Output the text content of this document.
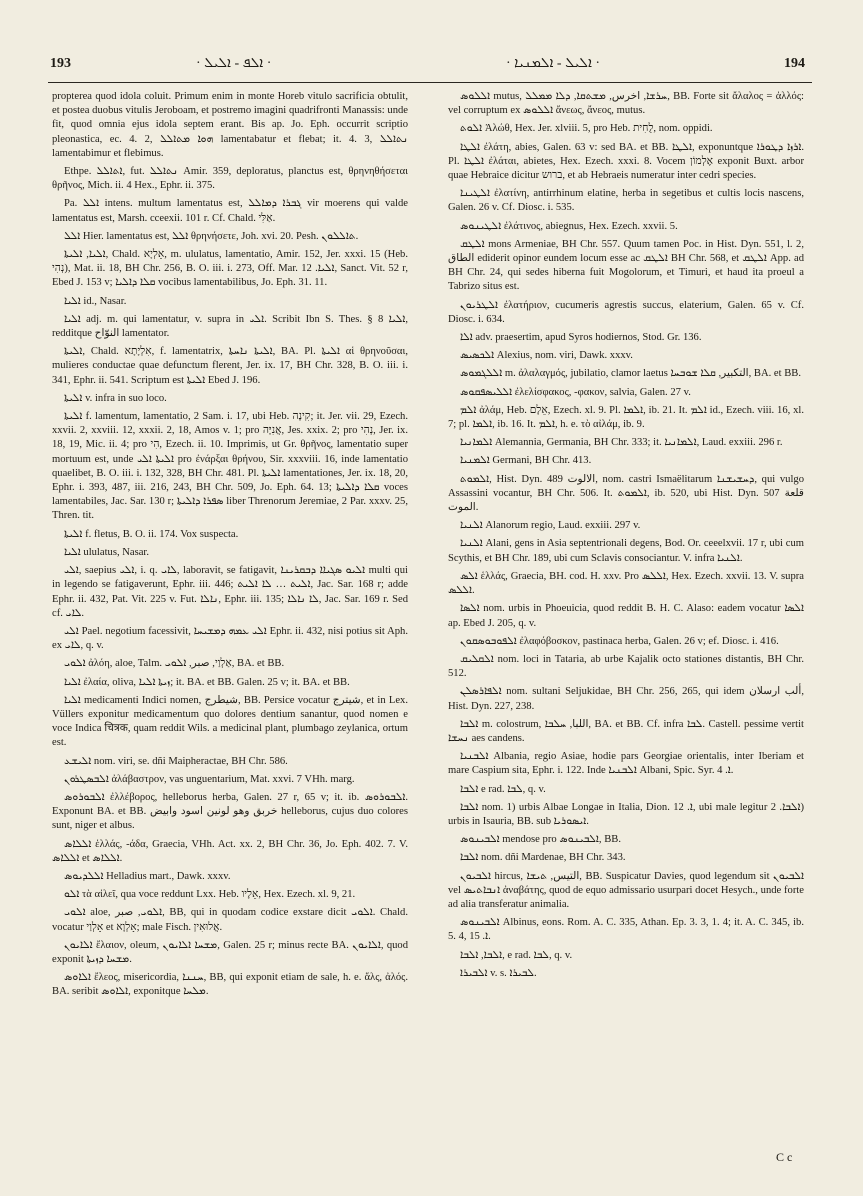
193	· ܐܠܦ - ܐܠܝܠ ·	· ܐܠܝܠ - ܐܠܡܢܝܐ ·	194

propterea quod idola coluit. Primum enim in monte Horeb vitulo sacrificia obtulit, et postea duobus vitulis Jeroboam, et postremo imagini quadrifronti Manassis: unde fit, quod omnia ejus idola septem erant. Bis ap. Jo. Eph. occurrit scriptio pleonastica, ec. 4. 2, ܗܘܐ ܡܬܐܠܠ lamentabatur et flebat; it. 4. 3, ܢܬܐܠܠ lamentabimur et flebimus.

Ethpe. ܐܬܐܠܠ, fut. ܢܬܐܠܠ Amir. 359, deploratus, planctus est, θρηνηθήσεται θρῆνος, Mich. ii. 4 Hex., Ephr. ii. 375.

Pa. ܐܠܠ intens. multum lamentatus est, ܓܒܪܐ ܕܡܐܠܠ vir moerens qui valde lamentatus est, Marsh. cceexii. 101 r. Cf. Chald. אַלִּי.

ܐܠܠ Hier. lamentatus est, ܐܠܠ θρηνήσετε, Joh. xvi. 20. Pesh. ܬܐܠܠܘܢ.

ܐܠܝܐ, ܐܠܝܬܐ, Chald. אֵלְיָא, m. ululatus, lamentatio, Amir. 152, Jer. xxxi. 15 (Heb. נְהִי), Mat. ii. 18, BH Chr. 256, B. O. iii. i. 273, Off. Mar. ܐܠܝܐ. 12, Sanct. Vit. 52 r, Ebed J. 153 v; ܩܠܐ ܕܐܠܝܐ vocibus lamentabilibus, Jo. Eph. 31. 11.

ܐܠܝܐ id., Nasar.

ܐܠܝܐ adj. m. qui lamentatur, v. supra in ܐܠܝ. Scribit Ibn S. Thes. § 8 ܐܠܝܐ, redditque النوّاح lamentator.

ܐܠܝܬܐ, Chald. אִלְיָתָא, f. lamentatrix, ܐܠܝܬܐ ܢܐܚܬܐ, BA. Pl. ܐܠܝܬܐ αἱ θρηνοῦσαι, mulieres conductae quae defunctum flerent, Jer. ix. 17, BH Chr. 328, B. O. iii. i. 341, Ephr. ii. 541. Scriptum est ܐܠܝܬܐ Ebed J. 196.

ܐܠܝܬܐ v. infra in suo loco.

ܐܠܝܬܐ f. lamentum, lamentatio, 2 Sam. i. 17, ubi Heb. קִינָה; it. Jer. vii. 29, Ezech. xxvii. 2, xxviii. 12, xxxii. 2, 18, Amos v. 1; pro אֲנִיָּה, Jes. xxix. 2; pro נְהִי, Jer. ix. 18, 19, Mic. ii. 4; pro הִי, Ezech. ii. 10. Imprimis, ut Gr. θρῆνος, lamentatio super mortuum est, unde ܐܠܝܬܐ ܐܠܝ pro ἐνάρξαι θρήνου, Sir. xxxviii. 16, inde lamentatio quaelibet, B. O. iii. i. 132, 328, BH Chr. 481. Pl. ܐܠܝܬܐ lamentationes, Jer. ix. 18, 20, Ephr. i. 393, 487, iii. 216, 243, BH Chr. 509, Jo. Eph. 64. 13; ܩܠܐ ܕܐܠܝܬܐ voces lamentabiles, Jac. Sar. 130 r; ܣܦܪܐ ܕܐܠܝܬܐ liber Threnorum Jeremiae, 2 Par. xxxv. 25, Thren. tit.

ܐܠܝܬܐ f. fletus, B. O. ii. 174. Vox suspecta.

ܐܠܝܐ ululatus, Nasar.

ܐܠܝ, saepius ܐܠܝ, i. q. ܠܐܝ, laboravit, se fatigavit, ܐܠܝܘ ܣܓܝܐܐ ܕܒܩܪܝܢܐ multi qui in legendo se fatigaverunt, Ephr. iii. 446; ܐܠܝܬ … ܠܐ ܐܠܝܬ, Jac. Sar. 168 r; adde Ephr. ii. 432, Pat. Vit. 225 v. Fut. ܢܐܠܐ, Ephr. iii. 135; ܠܐ ܢܐܠܐ, Jac. Sar. 169 r. Sed cf. ܠܐܝ.

ܐܠܝ Pael. negotium facessivit, ܐܠܝ ܥܡܗ ܕܡܫܝܚܐ Ephr. ii. 432, nisi potius sit Aph. ex ܠܐܝ, q. v.

ܐܠܘܝ ἀλόη, aloe, Talm. אַלְוַי, صبر, ܐܠܘܝ, BA. et BB.

ܐܠܝܐ ἐλαία, oliva, ܙܝܬܐ ܐܠܝܐ; it. BA. et BB. Galen. 25 v; it. BA. et BB.

ܐܠܝܐ medicamenti Indici nomen, شيطرج, BB. Persice vocatur شيترج, et in Lex. Vüllers exponitur medicamentum quo dolores dentium sanantur, quod nomen e voce Indica चित्रक, quam reddit Wils. a medicinal plant, plumbago zeylanica, ortum est.

ܐܠܝܫܥ nom. viri, se. dñi Maipheractae, BH Chr. 586.

ܐܠܒܣܛܪܘܢ ἀλάβαστρον, vas unguentarium, Mat. xxvi. 7 VHh. marg.

ܐܠܒܘܪܘܣ ἐλλέβορος, helleborus herba, Galen. 27 r, 65 v; it. ib. ܐܠܒܘܪܘܣ. Exponunt BA. et BB. خربق وهو لونين اسود وابيض helleborus, cujus duo colores sunt, niger et albus.

ܐܠܠܐܣ ἑλλάς, -άδα, Graecia, VHh. Act. xx. 2, BH Chr. 36, Jo. Eph. 402. 7. V. ܐܠܠܐܣ et ܐܠܠܐܣ.

ܐܠܠܕܝܘܣ Helladius mart., Dawk. xxxv.

ܐܠܘ τὰ αἰλεῖ, qua voce reddunt Lxx. Heb. אֵלָיו, Hex. Ezech. xl. 9, 21.

ܐܠܘܝ aloe, ܐܠܘܝ, صبر, BB, qui in quodam codice exstare dicit ܐܠܘܝ. Chald. vocatur אָלְוַי et אָלְוָא; male Fisch. אֲלוּאִין.

ܐܠܐܝܘܢ ἔλαιον, oleum, ܡܫܚܐ ܐܠܐܝܘܢ, Galen. 25 r; minus recte BA. ܐܠܐܝܘܢ, quod exponit ܡܫܚܐ ܕܙܝܬܐ.

ܐܠܐܘܣ ἔλεος, misericordia, ܚܢܢܐ, BB, qui exponit etiam de sale, h. e. ἅλς, ἀλός. BA. seribit ܐܠܐܘܣ, exponitque ܡܠܚܐ.

ܐܠܠܘܣ mutus, ܚܪܫܐ, اخرس, ܡܫܬܩܐ, ܕܠܐ ܡܡܠܠ, BB. Forte sit ἄλαλος = ἀλλός: vel corruptum ex ܐܠܠܘܣ ἄνεως, ἄνεος, mutus.

ܐܠܘܬ Ἀλώθ, Hex. Jer. xlviii. 5, pro Heb. לֻחִית, nom. oppidi.

ܐܠܛܐ ἐλάτη, abies, Galen. 63 v: sed BA. et BB. ܐܠܛܐ, exponuntque ܐܪܙܐ ܕܛܘܪܐ. Pl. ܐܠܛܐ ἐλάται, abietes, Hex. Ezech. xxxi. 8. Vocem אֶלְמוֹן exponit Buxt. arbor quae Hebraice dicitur ברוש, et ab Hebraeis numeratur inter cedri species.

ܐܠܛܝܢܐ ἐλατίνη, antirrhinum elatine, herba in segetibus et cultis locis nascens, Galen. 26 v. Cf. Diosc. i. 535.

ܐܠܛܝܢܘܣ ἐλάτινος, abiegnus, Hex. Ezech. xxvii. 5.

ܐܠܛܩ mons Armeniae, BH Chr. 557. Quum tamen Poc. in Hist. Dyn. 551, l. 2, الطاق ediderit opinor eundem locum esse ac ܐܠܛܩ BH Chr. 568, et ܐܠܛܩ App. ad BH Chr. 24, qui sedes hiberna fuit Mogolorum, et Timuri, et haud ita proeul a Tabrizo situs est.

ܐܠܛܪܝܘܢ ἐλατήριον, cucumeris agrestis succus, elaterium, Galen. 65 v. Cf. Diosc. i. 634.

ܐܠܐ adv. praesertim, apud Syros hodiernos, Stod. Gr. 136.

ܐܠܟܣܝܣ Alexius, nom. viri, Dawk. xxxv.

ܐܠܠܓܡܘܣ m. ἀλαλαγμός, jubilatio, clamor laetus التكبير, ܩܠܐ ܫܘܒܚܐ, BA. et BB.

ܐܠܠܝܣܦܩܘܣ ἐλελίσφακος, -φακον, salvia, Galen. 27 v.

ܐܠܡ ἀλάμ, Heb. אֵלָם, Ezech. xl. 9. Pl. ܐܠܡܐ, ib. 21. It. ܐܠܡ id., Ezech. viii. 16, xl. 7; pl. ܐܠܡܐ, ib. 16. It. ܐܠܡ, h. e. τὸ αἰλάμ, ib. 9.

ܐܠܡܐܢܝܐ Alemannia, Germania, BH Chr. 333; it. ܐܠܡܐܢܝܐ, Laud. exxiii. 296 r.

ܐܠܡܢܝܐ Germani, BH Chr. 413.

ܐܠܡܘܬ, Hist. Dyn. 489 الالوت, nom. castri Ismaëlitarum ܕܚܫܝܫܢܐ, qui vulgo Assassini vocantur, BH Chr. 506. It. ܐܠܡܘܬ, ib. 520, ubi Hist. Dyn. 507 قلعة الموت.

ܐܠܢܝܐ Alanorum regio, Laud. exxiii. 297 v.

ܐܠܢܝܐ Alani, gens in Asia septentrionali degens, Bod. Or. ceeelxvii. 17 r, ubi cum Scythis, et BH Chr. 189, ubi cum Sclavis consociantur. V. infra ܐܠܢܝܐ.

ܐܠܣ ἑλλάς, Graecia, BH. cod. H. xxv. Pro ܐܠܠܣ, Hex. Ezech. xxvii. 13. V. supra ܐܠܠܣ.

ܐܠܣܐ nom. urbis in Phoeuicia, quod reddit B. H. C. Alaso: eadem vocatur ܐܠܣܐ ap. Ebed J. 205, q. v.

ܐܠܦܘܒܘܣܩܘܢ ἐλαφόβοσκον, pastinaca herba, Galen. 26 v; ef. Diosc. i. 416.

ܐܠܩܠܝܩ nom. loci in Tataria, ab urbe Kajalik octo stationes distantis, BH Chr. 512.

ܐܠܦܐܪܣܠܢ nom. sultani Seljukidae, BH Chr. 256, 265, qui idem ألب ارسلان, Hist. Dyn. 227, 238.

ܐܠܒܐ m. colostrum, اللبا, ܚܠܒܐ, BA. et BB. Cf. infra ܠܒܐ. Castell. pessime vertit ܢܚܫܐ aes candens.

ܐܠܒܢܝܐ Albania, regio Asiae, hodie pars Georgiae orientalis, inter Iberiam et mare Caspium sita, Ephr. i. 122. Inde ܐܠܒܢܝܐ Albani, Spic. Syr. ܐ. 4.

ܐܠܒܐ e rad. ܠܒܐ, q. v.

ܐܠܒܐ nom. 1) urbis Albae Longae in Italia, Dion. ܐ. 12, ubi male legitur ܐܠܒܐ. 2) urbis in Isauria, BB. sub ܐܝܣܘܪܝܐ.

ܐܠܒܝܢܘܣ mendose pro ܐܠܒܝܢܘܣ, BB.

ܐܠܒܐ nom. dñi Mardenae, BH Chr. 343.

ܐܠܒܝܘܢ hircus, التيس, ܬܝܫܐ, BB. Suspicatur Davies, quod legendum sit ܐܠܒܝܘܢ vel ܐܢܒܐܬܝܣ ἀναβάτης, quod de equo admissario usurpari docet Hesych., unde forte ad alia transferatur animalia.

ܐܠܒܝܢܘܣ Albinus, eons. Rom. A. C. 335, Athan. Ep. 3. 3, 1. 4; it. A. C. 345, ib. 5. 4, ܐ. 15.

ܐܠܒܐ, ܐܠܒܐ, e rad. ܠܒܐ, q. v.

ܐܠܒܝܪܐ v. s. ܠܒܝܪܐ.

C c
